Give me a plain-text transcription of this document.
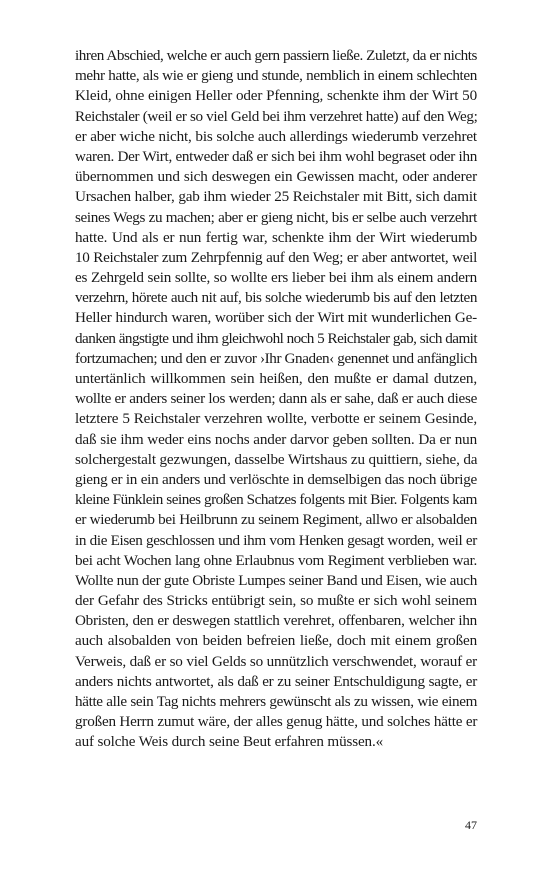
ihren Abschied, welche er auch gern passiern ließe. Zuletzt, da er nichts
mehr hatte, als wie er gieng und stunde, nemblich in einem schlechten
Kleid, ohne einigen Heller oder Pfenning, schenkte ihm der Wirt 50
Reichstaler (weil er so viel Geld bei ihm verzehret hatte) auf den Weg;
er aber wiche nicht, bis solche auch allerdings wiederumb verzehret
waren. Der Wirt, entweder daß er sich bei ihm wohl begraset oder ihn
übernommen und sich deswegen ein Gewissen macht, oder anderer
Ursachen halber, gab ihm wieder 25 Reichstaler mit Bitt, sich damit
seines Wegs zu machen; aber er gieng nicht, bis er selbe auch verzehrt
hatte. Und als er nun fertig war, schenkte ihm der Wirt wiederumb
10 Reichstaler zum Zehrpfennig auf den Weg; er aber antwortet, weil
es Zehrgeld sein sollte, so wollte ers lieber bei ihm als einem andern
verzehrn, hörete auch nit auf, bis solche wiederumb bis auf den letzten
Heller hindurch waren, worüber sich der Wirt mit wunderlichen Ge-
danken ängstigte und ihm gleichwohl noch 5 Reichstaler gab, sich damit
fortzumachen; und den er zuvor ›Ihr Gnaden‹ genennet und anfänglich
untertänlich willkommen sein heißen, den mußte er damal dutzen,
wollte er anders seiner los werden; dann als er sahe, daß er auch diese
letztere 5 Reichstaler verzehren wollte, verbotte er seinem Gesinde,
daß sie ihm weder eins nochs ander darvor geben sollten. Da er nun
solchergestalt gezwungen, dasselbe Wirtshaus zu quittiern, siehe, da
gieng er in ein anders und verlöschte in demselbigen das noch übrige
kleine Fünklein seines großen Schatzes folgents mit Bier. Folgents kam
er wiederumb bei Heilbrunn zu seinem Regiment, allwo er alsobalden
in die Eisen geschlossen und ihm vom Henken gesagt worden, weil er
bei acht Wochen lang ohne Erlaubnus vom Regiment verblieben war.
Wollte nun der gute Obriste Lumpes seiner Band und Eisen, wie auch
der Gefahr des Stricks entübrigt sein, so mußte er sich wohl seinem
Obristen, den er deswegen stattlich verehret, offenbaren, welcher ihn
auch alsobalden von beiden befreien ließe, doch mit einem großen
Verweis, daß er so viel Gelds so unnützlich verschwendet, worauf er
anders nichts antwortet, als daß er zu seiner Entschuldigung sagte, er
hätte alle sein Tag nichts mehrers gewünscht als zu wissen, wie einem
großen Herrn zumut wäre, der alles genug hätte, und solches hätte er
auf solche Weis durch seine Beut erfahren müssen.«
47
